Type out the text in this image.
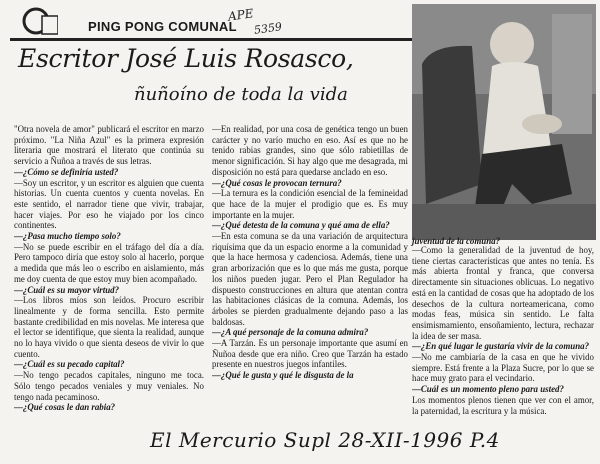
PING PONG COMUNAL
APE
5359
Escritor José Luis Rosasco,
ñuñoíno de toda la vida

"Otra novela de amor" publicará el escritor en marzo próximo. "La Niña Azul" es la primera expresión literaria que mostrará el literato que continúa su servicio a Ñuñoa a través de sus letras.

—¿Cómo se definiría usted?

—Soy un escritor, y un escritor es alguien que cuenta historias. Un cuenta cuentos y cuenta novelas. En este sentido, el narrador tiene que vivir, trabajar, hacer viajes. Por eso he viajado por los cinco continentes.

—¿Pasa mucho tiempo solo?

—No se puede escribir en el tráfago del día a día. Pero tampoco diría que estoy solo al hacerlo, porque a medida que más leo o escribo en aislamiento, más me doy cuenta de que estoy muy bien acompañado.

—¿Cuál es su mayor virtud?

—Los libros míos son leídos. Procuro escribir linealmente y de forma sencilla. Esto permite bastante credibilidad en mis novelas. Me interesa que el lector se identifique, que sienta la realidad, aunque no lo haya vivido o que sienta deseos de vivir lo que cuento.

—¿Cuál es su pecado capital?

—No tengo pecados capitales, ninguno me toca. Sólo tengo pecados veniales y muy veniales. No tengo nada pecaminoso.

—¿Qué cosas le dan rabia?

—En realidad, por una cosa de genética tengo un buen carácter y no varío mucho en eso. Así es que no he tenido rabias grandes, sino que sólo rabietillas de menor significación. Si hay algo que me desagrada, mi disposición no está para quedarse anclado en eso.

—¿Qué cosas le provocan ternura?

—La ternura es la condición esencial de la femineidad que hace de la mujer el prodigio que es. Es muy importante en la mujer.

—¿Qué detesta de la comuna y qué ama de ella?

—En esta comuna se da una variación de arquitectura riquísima que da un espacio enorme a la comunidad y que la hace hermosa y cadenciosa. Además, tiene una gran arborización que es lo que más me gusta, porque los niños pueden jugar. Pero el Plan Regulador ha dispuesto construcciones en altura que atentan contra las habitaciones clásicas de la comuna. Además, los árboles se pierden gradualmente dejando paso a las baldosas.

—¿A qué personaje de la comuna admira?

—A Tarzán. Es un personaje importante que asumí en Ñuñoa desde que era niño. Creo que Tarzán ha estado presente en nuestros juegos infantiles.

—¿Qué le gusta y qué le disgusta de la

juventud de la comuna?

—Como la generalidad de la juventud de hoy, tiene ciertas características que antes no tenía. Es más abierta frontal y franca, que conversa directamente sin situaciones oblicuas. Lo negativo está en la cantidad de cosas que ha adoptado de los desechos de la cultura norteamericana, como modas feas, música sin sentido. Le falta ensimismamiento, ensoñamiento, lectura, rechazar la idea de ser masa.

—¿En qué lugar le gustaría vivir de la comuna?

—No me cambiaría de la casa en que he vivido siempre. Está frente a la Plaza Sucre, por lo que se hace muy grato para el vecindario.

—Cuál es un momento pleno para usted?

Los momentos plenos tienen que ver con el amor, la paternidad, la escritura y la música.

El Mercurio Supl 28-XII-1996 P.4
